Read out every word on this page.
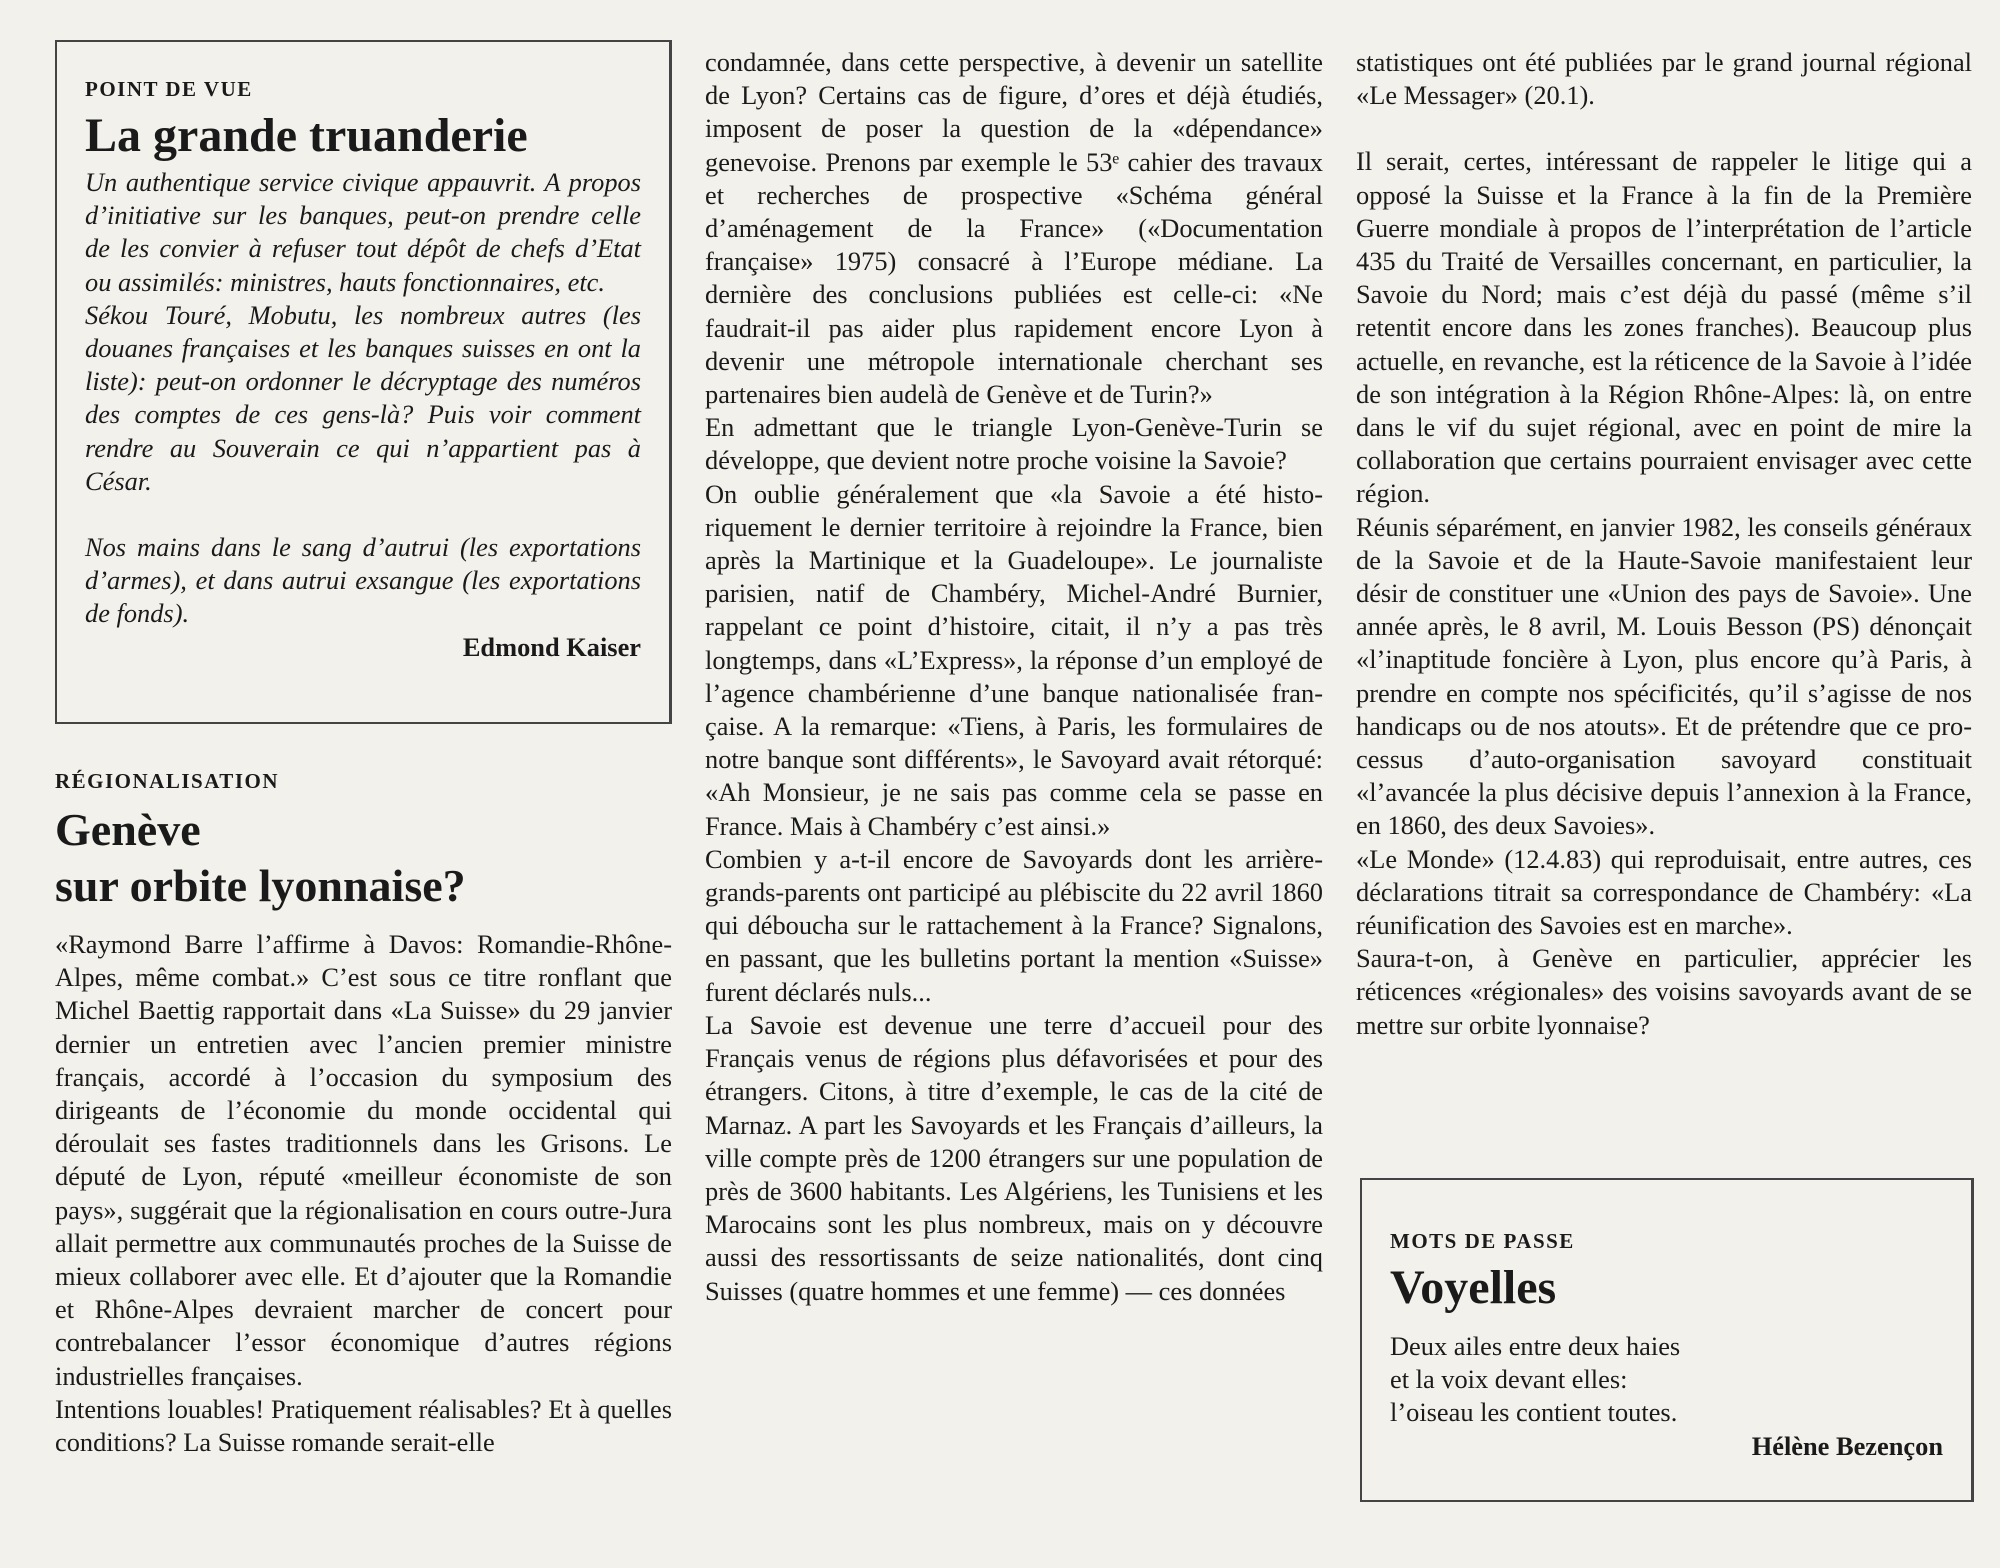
POINT DE VUE
La grande truanderie

Un authentique service civique appauvrit. A propos d’initiative sur les banques, peut-on prendre celle de les convier à refuser tout dépôt de chefs d’Etat ou assimilés: ministres, hauts fonctionnaires, etc.

Sékou Touré, Mobutu, les nombreux autres (les douanes françaises et les banques suisses en ont la liste): peut-on ordonner le décryptage des numéros des comptes de ces gens-là? Puis voir comment rendre au Souverain ce qui n’appartient pas à César.

Nos mains dans le sang d’autrui (les exportations d’armes), et dans autrui exsangue (les exportations de fonds).

Edmond Kaiser
RÉGIONALISATION
Genève
sur orbite lyonnaise?

«Raymond Barre l’affirme à Davos: Romandie-Rhône-Alpes, même combat.» C’est sous ce titre ronflant que Michel Baettig rapportait dans «La Suisse» du 29 janvier dernier un entretien avec l’ancien premier ministre français, accordé à l’occasion du symposium des dirigeants de l’économie du monde occidental qui déroulait ses fastes traditionnels dans les Grisons. Le député de Lyon, réputé «meilleur économiste de son pays», suggérait que la régionalisation en cours outre-Jura allait permettre aux communautés proches de la Suisse de mieux collaborer avec elle. Et d’ajouter que la Romandie et Rhône-Alpes devraient marcher de concert pour contrebalancer l’essor économique d’autres régions industrielles françaises.

Intentions louables! Pratiquement réalisables? Et à quelles conditions? La Suisse romande serait-elle

condamnée, dans cette perspective, à devenir un satellite de Lyon? Certains cas de figure, d’ores et déjà étudiés, imposent de poser la question de la «dépendance» genevoise. Prenons par exemple le 53ᵉ cahier des travaux et recherches de prospective «Schéma général d’aménagement de la France» («Documentation française» 1975) consacré à l’Europe médiane. La dernière des conclusions publiées est celle-ci: «Ne faudrait-il pas aider plus rapidement encore Lyon à devenir une métropole internationale cherchant ses partenaires bien audelà de Genève et de Turin?»

En admettant que le triangle Lyon-Genève-Turin se développe, que devient notre proche voisine la Savoie?

On oublie généralement que «la Savoie a été historiquement le dernier territoire à rejoindre la France, bien après la Martinique et la Guadeloupe». Le journaliste parisien, natif de Chambéry, Michel-André Burnier, rappelant ce point d’histoire, citait, il n’y a pas très longtemps, dans «L’Express», la réponse d’un employé de l’agence chambérienne d’une banque nationalisée française. A la remarque: «Tiens, à Paris, les formulaires de notre banque sont différents», le Savoyard avait rétorqué: «Ah Monsieur, je ne sais pas comme cela se passe en France. Mais à Chambéry c’est ainsi.»

Combien y a-t-il encore de Savoyards dont les arrière-grands-parents ont participé au plébiscite du 22 avril 1860 qui déboucha sur le rattachement à la France? Signalons, en passant, que les bulletins portant la mention «Suisse» furent déclarés nuls...

La Savoie est devenue une terre d’accueil pour des Français venus de régions plus défavorisées et pour des étrangers. Citons, à titre d’exemple, le cas de la cité de Marnaz. A part les Savoyards et les Français d’ailleurs, la ville compte près de 1200 étrangers sur une population de près de 3600 habitants. Les Algériens, les Tunisiens et les Marocains sont les plus nombreux, mais on y découvre aussi des ressortissants de seize nationalités, dont cinq Suisses (quatre hommes et une femme) — ces données

statistiques ont été publiées par le grand journal régional «Le Messager» (20.1).

Il serait, certes, intéressant de rappeler le litige qui a opposé la Suisse et la France à la fin de la Première Guerre mondiale à propos de l’interprétation de l’article 435 du Traité de Versailles concernant, en particulier, la Savoie du Nord; mais c’est déjà du passé (même s’il retentit encore dans les zones franches). Beaucoup plus actuelle, en revanche, est la réticence de la Savoie à l’idée de son intégration à la Région Rhône-Alpes: là, on entre dans le vif du sujet régional, avec en point de mire la collaboration que certains pourraient envisager avec cette région.

Réunis séparément, en janvier 1982, les conseils généraux de la Savoie et de la Haute-Savoie manifestaient leur désir de constituer une «Union des pays de Savoie». Une année après, le 8 avril, M. Louis Besson (PS) dénonçait «l’inaptitude foncière à Lyon, plus encore qu’à Paris, à prendre en compte nos spécificités, qu’il s’agisse de nos handicaps ou de nos atouts». Et de prétendre que ce processus d’auto-organisation savoyard constituait «l’avancée la plus décisive depuis l’annexion à la France, en 1860, des deux Savoies».

«Le Monde» (12.4.83) qui reproduisait, entre autres, ces déclarations titrait sa correspondance de Chambéry: «La réunification des Savoies est en marche».

Saura-t-on, à Genève en particulier, apprécier les réticences «régionales» des voisins savoyards avant de se mettre sur orbite lyonnaise?

MOTS DE PASSE
Voyelles
Deux ailes entre deux haies
et la voix devant elles:
l’oiseau les contient toutes.
Hélène Bezençon
